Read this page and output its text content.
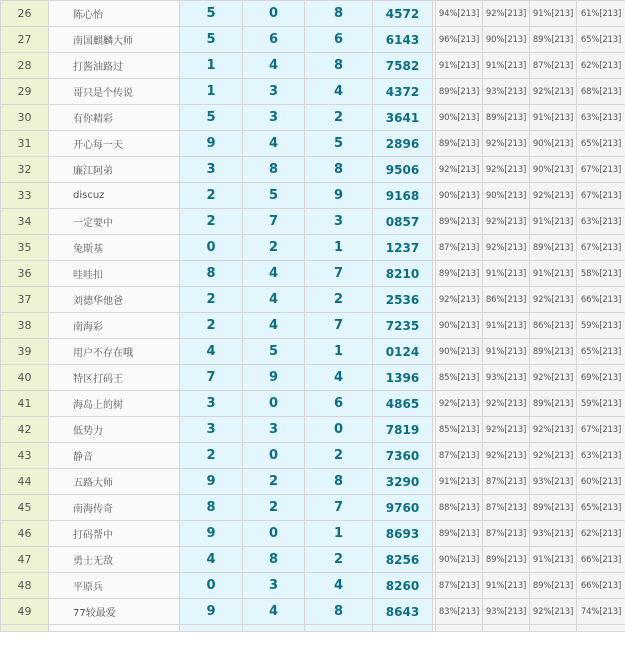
26	陈心怡	5	0	8	4572		94%[213]	92%[213]	91%[213]	61%[213]
27	南国麒麟大师	5	6	6	6143		96%[213]	90%[213]	89%[213]	65%[213]
28	打酱油路过	1	4	8	7582		91%[213]	91%[213]	87%[213]	62%[213]
29	哥只是个传说	1	3	4	4372		89%[213]	93%[213]	92%[213]	68%[213]
30	有你精彩	5	3	2	3641		90%[213]	89%[213]	91%[213]	63%[213]
31	开心每一天	9	4	5	2896		89%[213]	92%[213]	90%[213]	65%[213]
32	廉江阿弟	3	8	8	9506		92%[213]	92%[213]	90%[213]	67%[213]
33	discuz	2	5	9	9168		90%[213]	90%[213]	92%[213]	67%[213]
34	一定要中	2	7	3	0857		89%[213]	92%[213]	91%[213]	63%[213]
35	兔斯基	0	2	1	1237		87%[213]	92%[213]	89%[213]	67%[213]
36	哇哇扣	8	4	7	8210		89%[213]	91%[213]	91%[213]	58%[213]
37	刘德华他爸	2	4	2	2536		92%[213]	86%[213]	92%[213]	66%[213]
38	南海彩	2	4	7	7235		90%[213]	91%[213]	86%[213]	59%[213]
39	用户不存在哦	4	5	1	0124		90%[213]	91%[213]	89%[213]	65%[213]
40	特区打码王	7	9	4	1396		85%[213]	93%[213]	92%[213]	69%[213]
41	海岛上的树	3	0	6	4865		92%[213]	92%[213]	89%[213]	59%[213]
42	低势力	3	3	0	7819		85%[213]	92%[213]	92%[213]	67%[213]
43	静音	2	0	2	7360		87%[213]	92%[213]	92%[213]	63%[213]
44	五路大师	9	2	8	3290		91%[213]	87%[213]	93%[213]	60%[213]
45	南海传奇	8	2	7	9760		88%[213]	87%[213]	89%[213]	65%[213]
46	打码帮中	9	0	1	8693		89%[213]	87%[213]	93%[213]	62%[213]
47	勇士无敌	4	8	2	8256		90%[213]	89%[213]	91%[213]	66%[213]
48	平原兵	0	3	4	8260		87%[213]	91%[213]	89%[213]	66%[213]
49	77较最爱	9	4	8	8643		83%[213]	93%[213]	92%[213]	74%[213]
